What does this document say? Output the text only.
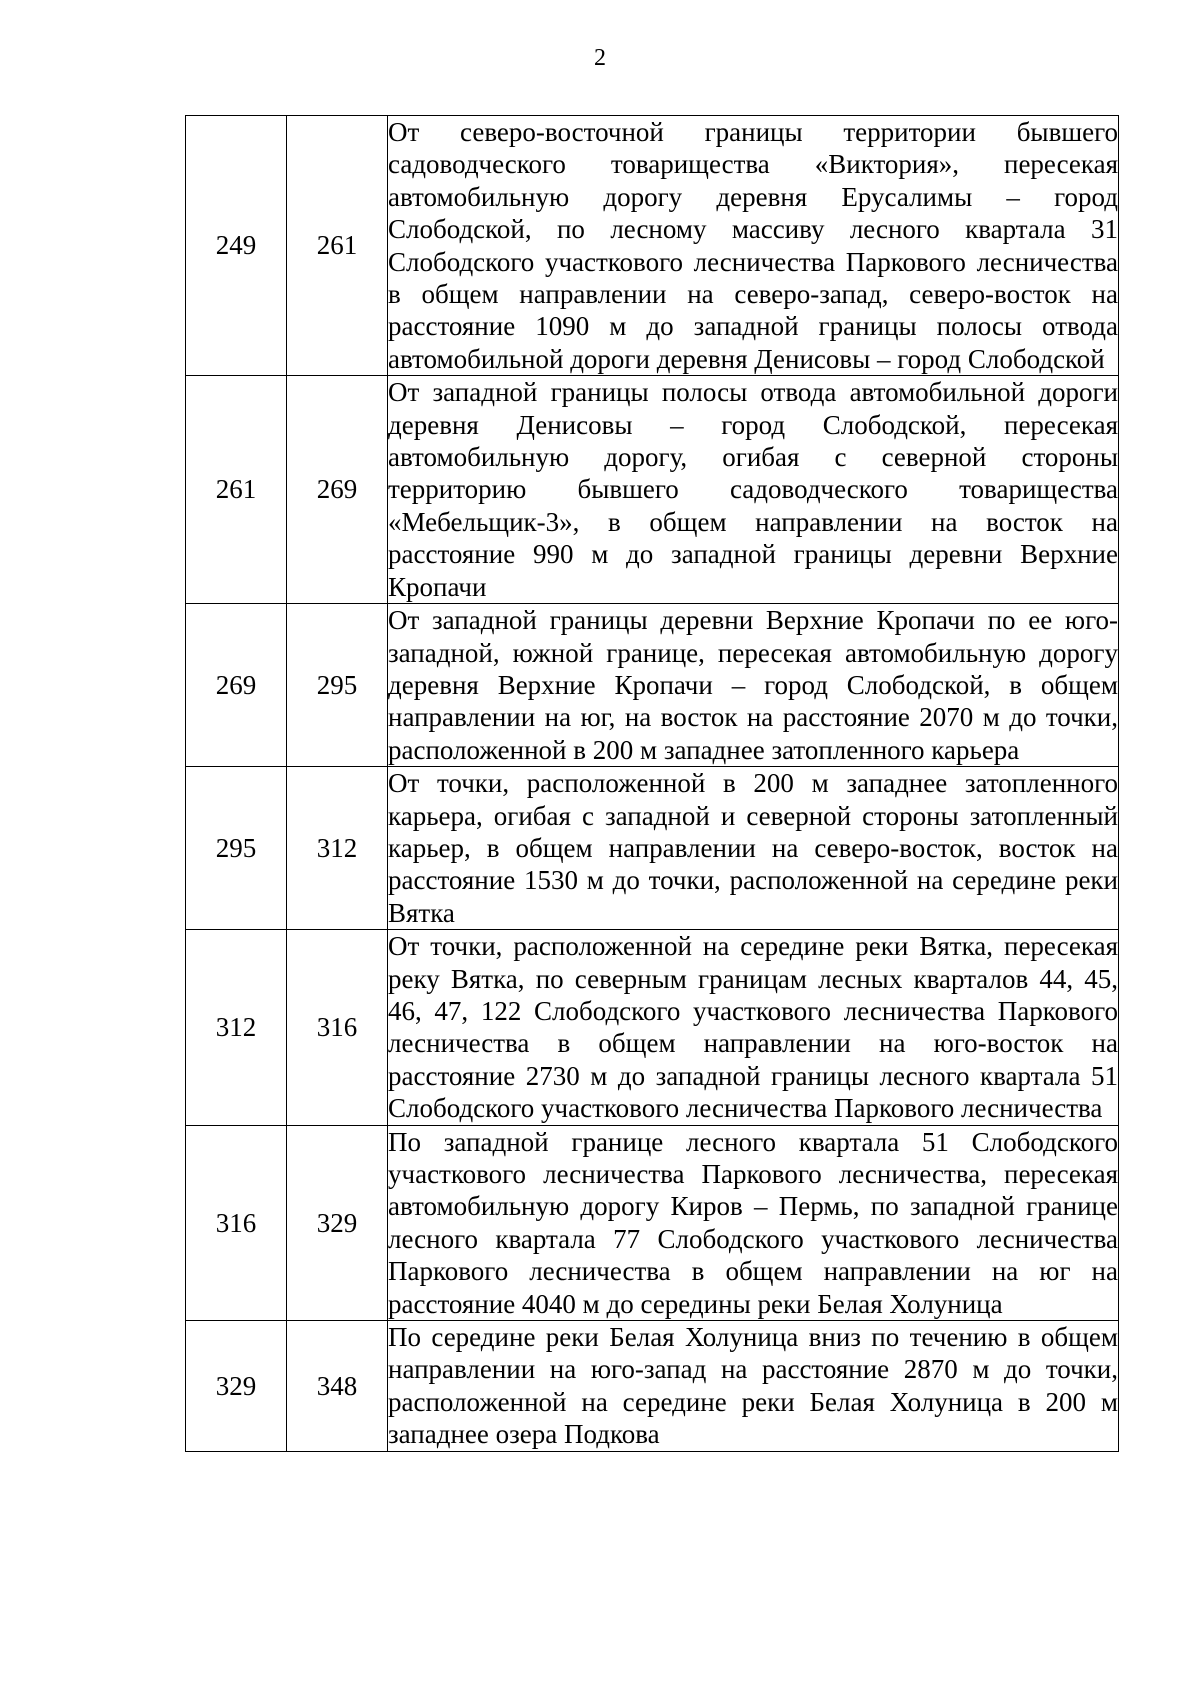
2
249	261	От северо-восточной границы территории бывшего садоводческого товарищества «Виктория», пересекая автомобильную дорогу деревня Ерусалимы – город Слободской, по лесному массиву лесного квартала 31 Слободского участкового лесничества Паркового лесничества в общем направлении на северо-запад, северо-восток на расстояние 1090 м до западной границы полосы отвода автомобильной дороги деревня Денисовы – город Слободской
261	269	От западной границы полосы отвода автомобильной дороги деревня Денисовы – город Слободской, пересекая автомобильную дорогу, огибая с северной стороны территорию бывшего садоводческого товарищества «Мебельщик-3», в общем направлении на восток на расстояние 990 м до западной границы деревни Верхние Кропачи
269	295	От западной границы деревни Верхние Кропачи по ее юго-западной, южной границе, пересекая автомобильную дорогу деревня Верхние Кропачи – город Слободской, в общем направлении на юг, на восток на расстояние 2070 м до точки, расположенной в 200 м западнее затопленного карьера
295	312	От точки, расположенной в 200 м западнее затопленного карьера, огибая с западной и северной стороны затопленный карьер, в общем направлении на северо-восток, восток на расстояние 1530 м до точки, расположенной на середине реки Вятка
312	316	От точки, расположенной на середине реки Вятка, пересекая реку Вятка, по северным границам лесных кварталов 44, 45, 46, 47, 122 Слободского участкового лесничества Паркового лесничества в общем направлении на юго-восток на расстояние 2730 м до западной границы лесного квартала 51 Слободского участкового лесничества Паркового лесничества
316	329	По западной границе лесного квартала 51 Слободского участкового лесничества Паркового лесничества, пересекая автомобильную дорогу Киров – Пермь, по западной границе лесного квартала 77 Слободского участкового лесничества Паркового лесничества в общем направлении на юг на расстояние 4040 м до середины реки Белая Холуница
329	348	По середине реки Белая Холуница вниз по течению в общем направлении на юго-запад на расстояние 2870 м до точки, расположенной на середине реки Белая Холуница в 200 м западнее озера Подкова
